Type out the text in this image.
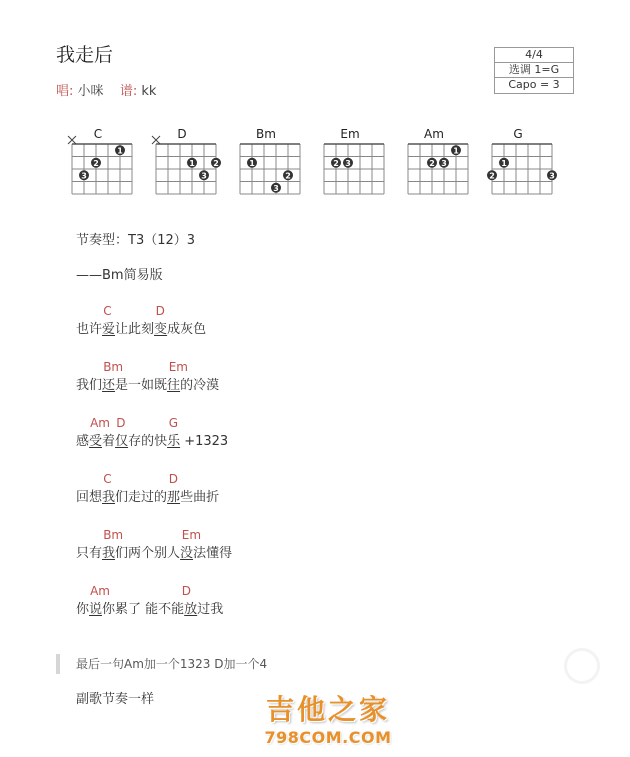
我走后
唱: 小咪 谱: kk
4/4
选调 1=G
Capo = 3
C
1
2
3
D
1 2
3
Bm
1
2
3
Em
2 3
Am
1
2 3
G
1
2	3
节奏型：T3（12）3
——Bm简易版
C	D
也许爱让此刻变成灰色
Bm	Em
我们还是一如既往的冷漠
Am D	G
感受着仅存的快乐 +1323
C	D
回想我们走过的那些曲折
Bm	Em
只有我们两个别人没法懂得
Am	D
你说你累了 能不能放过我
最后一句Am加一个1323 D加一个4
副歌节奏一样	吉他之家
798COM.COM
